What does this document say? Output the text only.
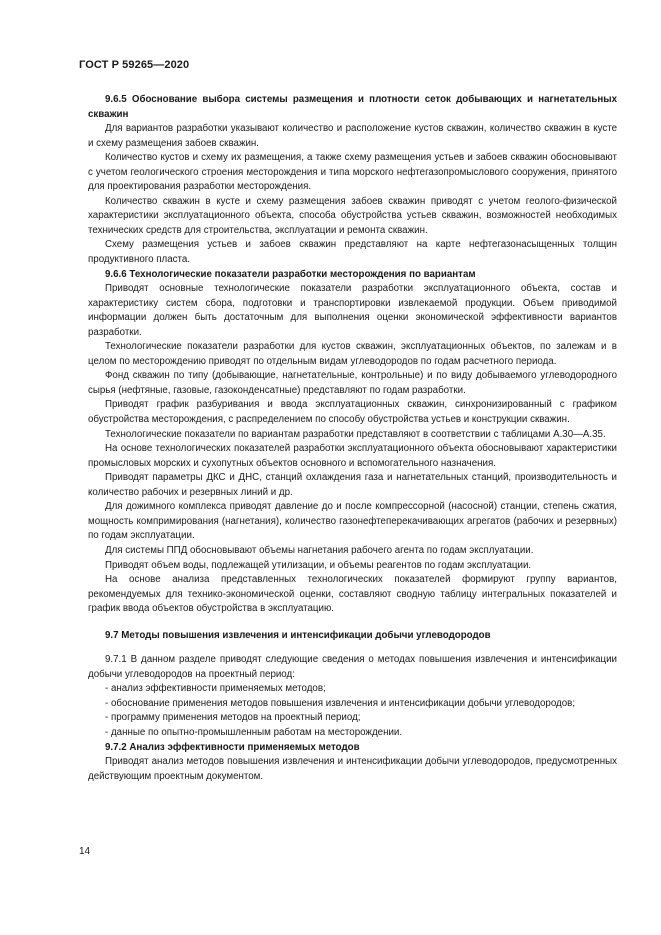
ГОСТ Р 59265—2020

9.6.5 Обоснование выбора системы размещения и плотности сеток добывающих и нагнетательных скважин

Для вариантов разработки указывают количество и расположение кустов скважин, количество скважин в кусте и схему размещения забоев скважин.

Количество кустов и схему их размещения, а также схему размещения устьев и забоев скважин обосновывают с учетом геологического строения месторождения и типа морского нефтегазопромыслового сооружения, принятого для проектирования разработки месторождения.

Количество скважин в кусте и схему размещения забоев скважин приводят с учетом геолого-физической характеристики эксплуатационного объекта, способа обустройства устьев скважин, возможностей необходимых технических средств для строительства, эксплуатации и ремонта скважин.

Схему размещения устьев и забоев скважин представляют на карте нефтегазонасыщенных толщин продуктивного пласта.

9.6.6 Технологические показатели разработки месторождения по вариантам

Приводят основные технологические показатели разработки эксплуатационного объекта, состав и характеристику систем сбора, подготовки и транспортировки извлекаемой продукции. Объем приводимой информации должен быть достаточным для выполнения оценки экономической эффективности вариантов разработки.

Технологические показатели разработки для кустов скважин, эксплуатационных объектов, по залежам и в целом по месторождению приводят по отдельным видам углеводородов по годам расчетного периода.

Фонд скважин по типу (добывающие, нагнетательные, контрольные) и по виду добываемого углеводородного сырья (нефтяные, газовые, газоконденсатные) представляют по годам разработки.

Приводят график разбуривания и ввода эксплуатационных скважин, синхронизированный с графиком обустройства месторождения, с распределением по способу обустройства устьев и конструкции скважин.

Технологические показатели по вариантам разработки представляют в соответствии с таблицами А.30—А.35.

На основе технологических показателей разработки эксплуатационного объекта обосновывают характеристики промысловых морских и сухопутных объектов основного и вспомогательного назначения.

Приводят параметры ДКС и ДНС, станций охлаждения газа и нагнетательных станций, производительность и количество рабочих и резервных линий и др.

Для дожимного комплекса приводят давление до и после компрессорной (насосной) станции, степень сжатия, мощность компримирования (нагнетания), количество газонефтеперекачивающих агрегатов (рабочих и резервных) по годам эксплуатации.

Для системы ППД обосновывают объемы нагнетания рабочего агента по годам эксплуатации.

Приводят объем воды, подлежащей утилизации, и объемы реагентов по годам эксплуатации.

На основе анализа представленных технологических показателей формируют группу вариантов, рекомендуемых для технико-экономической оценки, составляют сводную таблицу интегральных показателей и график ввода объектов обустройства в эксплуатацию.

9.7 Методы повышения извлечения и интенсификации добычи углеводородов

9.7.1 В данном разделе приводят следующие сведения о методах повышения извлечения и интенсификации добычи углеводородов на проектный период:

- анализ эффективности применяемых методов;

- обоснование применения методов повышения извлечения и интенсификации добычи углеводородов;

- программу применения методов на проектный период;

- данные по опытно-промышленным работам на месторождении.

9.7.2 Анализ эффективности применяемых методов

Приводят анализ методов повышения извлечения и интенсификации добычи углеводородов, предусмотренных действующим проектным документом.

14
